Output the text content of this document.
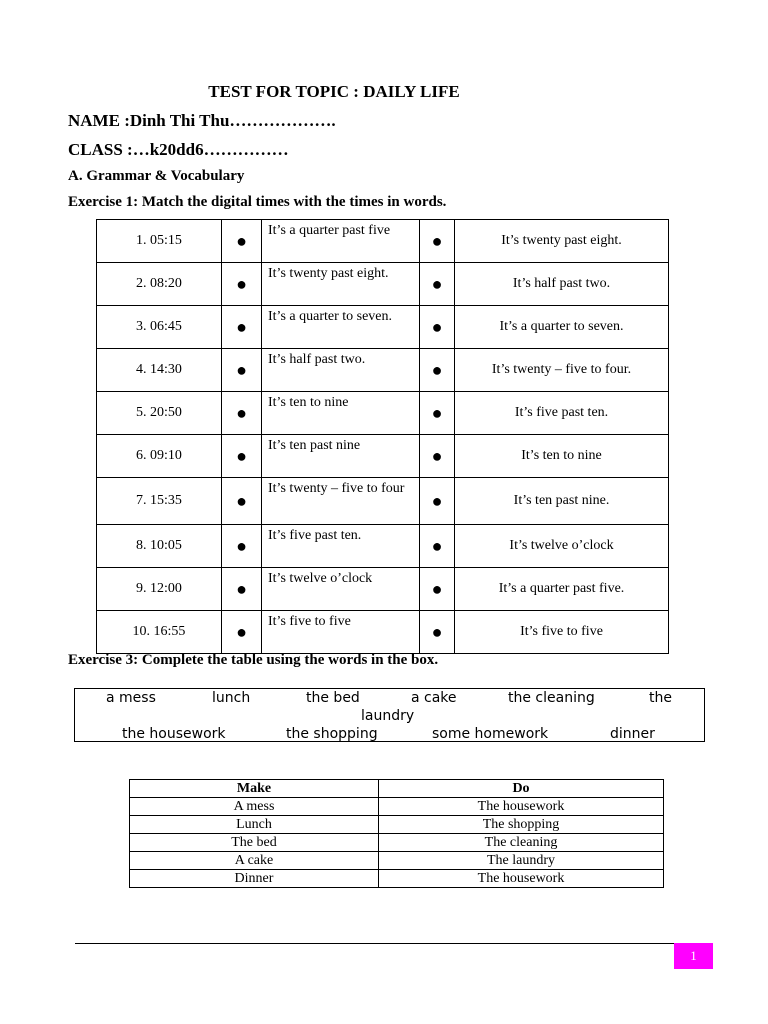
TEST FOR TOPIC : DAILY LIFE
NAME :Dinh Thi Thu……………….
CLASS :…k20dd6……………
A. Grammar & Vocabulary
Exercise 1: Match the digital times with the times in words.
1. 05:15	●	It’s a quarter past five	●	It’s twenty past eight.
2. 08:20	●	It’s twenty past eight.	●	It’s half past two.
3. 06:45	●	It’s a quarter to seven.	●	It’s a quarter to seven.
4. 14:30	●	It’s half past two.	●	It’s twenty – five to four.
5. 20:50	●	It’s ten to nine	●	It’s five past ten.
6. 09:10	●	It’s ten past nine	●	It’s ten to nine
7. 15:35	●	It’s twenty – five to four	●	It’s ten past nine.
8. 10:05	●	It’s five past ten.	●	It’s twelve o’clock
9. 12:00	●	It’s twelve o’clock	●	It’s a quarter past five.
10. 16:55	●	It’s five to five	●	It’s five to five
Exercise 3: Complete the table using the words in the box.
a mess	lunch	the bed	a cake	the cleaning	the
laundry
the housework	the shopping	some homework	dinner
Make	Do
A mess	The housework
Lunch	The shopping
The bed	The cleaning
A cake	The laundry
Dinner	The housework
1
